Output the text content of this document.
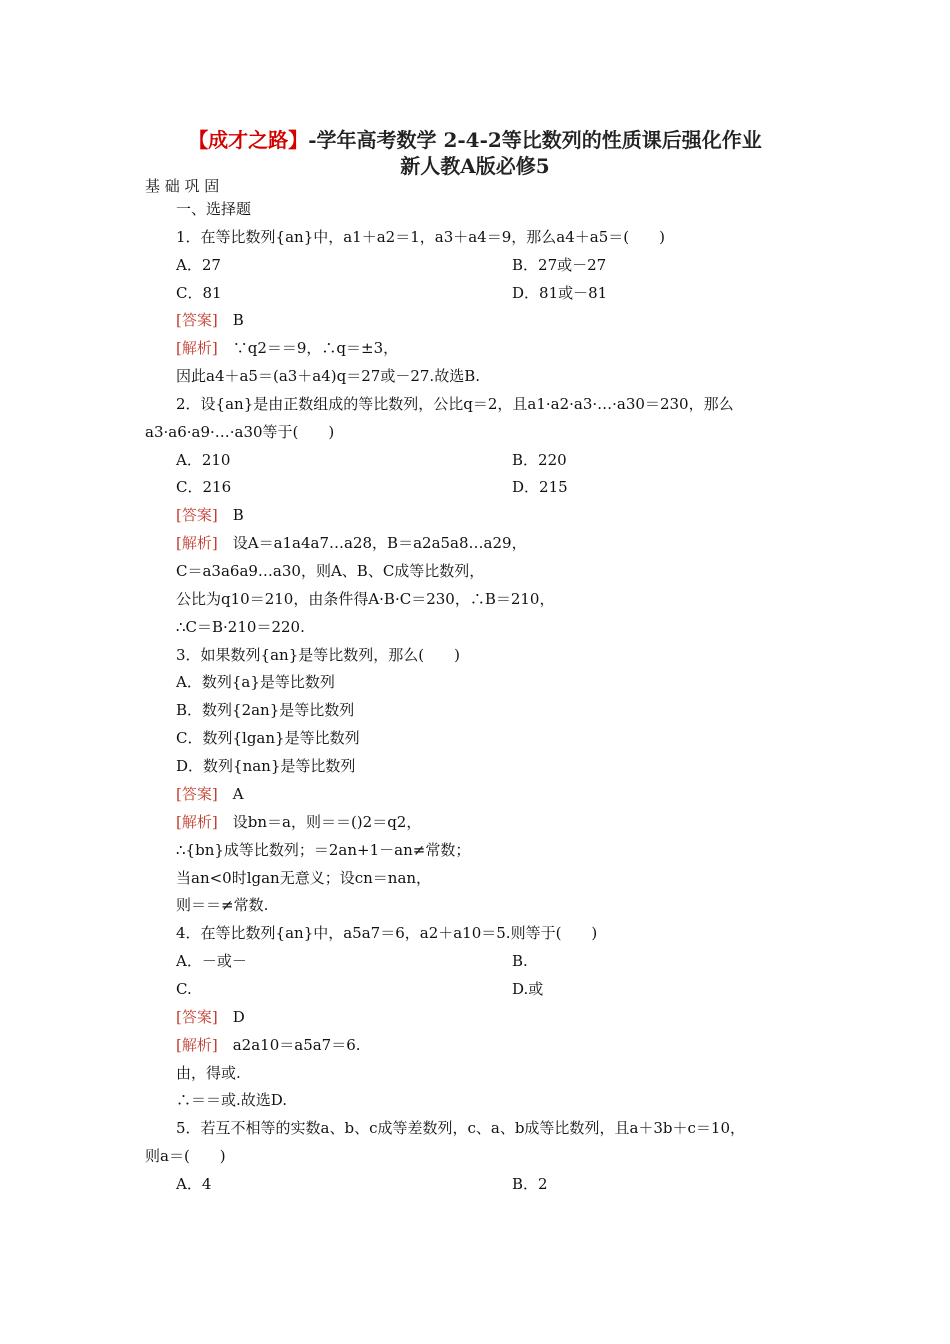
【成才之路】-学年高考数学 2-4-2等比数列的性质课后强化作业
新人教A版必修5
基 础 巩 固
一、选择题
1．在等比数列{an}中，a1＋a2＝1，a3＋a4＝9，那么a4＋a5＝(　　)
A．27	B．27或－27
C．81	D．81或－81
[答案]　 B
[解析]　 ∵q2＝＝9，∴q＝±3，
因此a4＋a5＝(a3＋a4)q＝27或－27.故选B.
2．设{an}是由正数组成的等比数列，公比q＝2，且a1·a2·a3·…·a30＝230，那么
a3·a6·a9·…·a30等于(　　)
A．210	B．220
C．216	D．215
[答案]　 B
[解析]　 设A＝a1a4a7…a28，B＝a2a5a8…a29，
C＝a3a6a9…a30，则A、B、C成等比数列，
公比为q10＝210，由条件得A·B·C＝230，∴B＝210，
∴C＝B·210＝220.
3．如果数列{an}是等比数列，那么(　　)
A．数列{a}是等比数列
B．数列{2an}是等比数列
C．数列{lgan}是等比数列
D．数列{nan}是等比数列
[答案]　 A
[解析]　 设bn＝a，则＝＝()2＝q2，
∴{bn}成等比数列；＝2an+1－an≠常数；
当an<0时lgan无意义；设cn＝nan，
则＝＝≠常数.
4．在等比数列{an}中，a5a7＝6，a2＋a10＝5.则等于(　　)
A．－或－	B.
C.	D.或
[答案]　 D
[解析]　 a2a10＝a5a7＝6.
由，得或.
∴＝＝或.故选D.
5．若互不相等的实数a、b、c成等差数列，c、a、b成等比数列，且a＋3b＋c＝10，
则a＝(　　)
A．4	B．2
